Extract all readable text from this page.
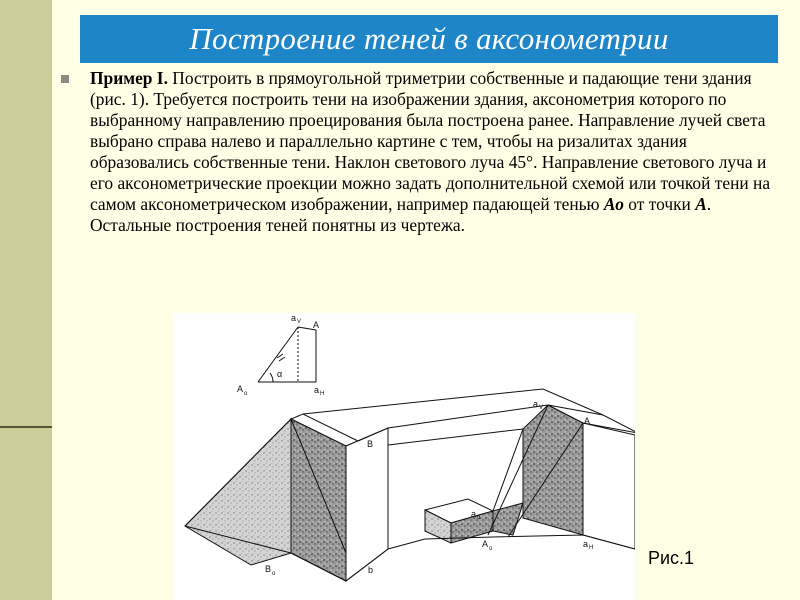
Построение теней в аксонометрии
Пример I. Построить в прямоугольной триметрии собственные и падающие тени здания (рис. 1). Требуется построить тени на изображении здания, аксонометрия которого по выбранному направлению проецирования была построена ранее. Направление лучей света выбрано справа налево и параллельно картине с тем, чтобы на ризалитах здания образовались собственные тени. Наклон светового луча 45°. Направление светового луча и его аксонометрические проекции можно задать дополнительной схемой или точкой тени на самом аксонометрическом изображении, например падающей тенью Ао от точки А. Остальные построения теней понятны из чертежа.
a V A
α
a H
A o
B
a V
A
a o
A o	a H
B o	b
Рис.1
